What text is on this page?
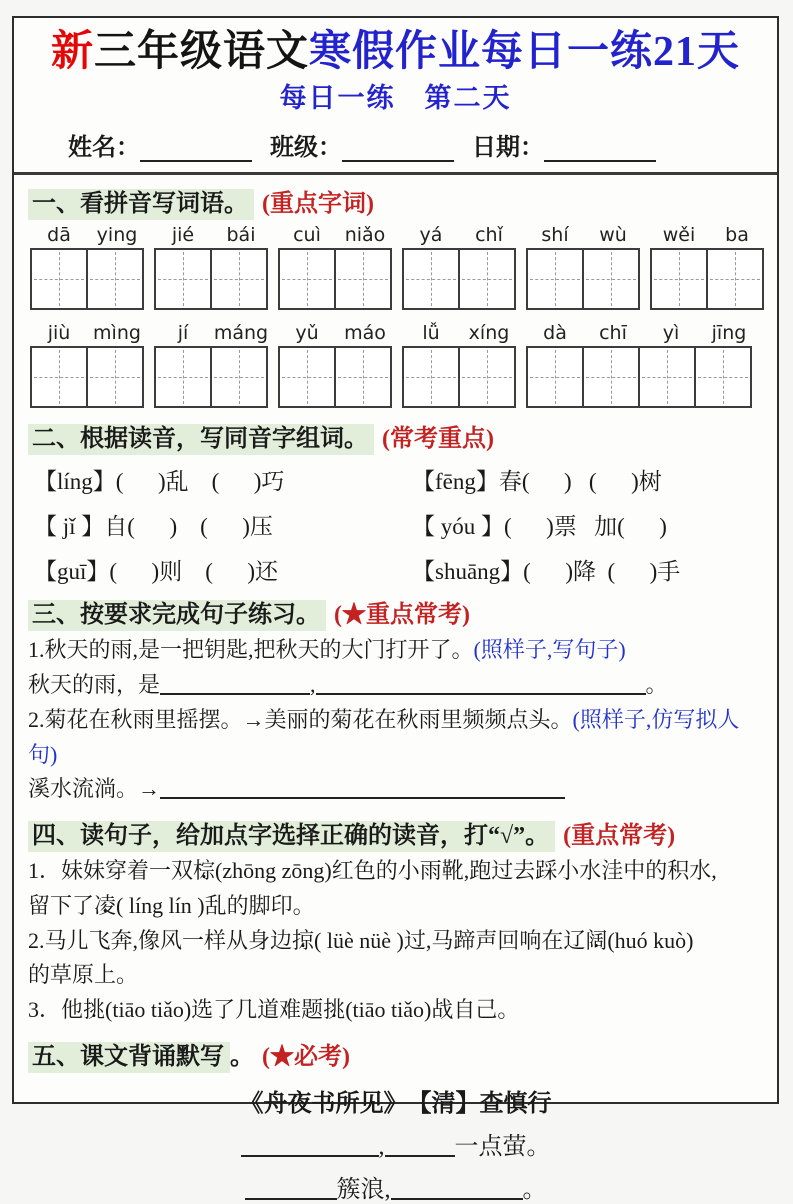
新三年级语文寒假作业每日一练21天
每日一练　第二天
姓名：	班级：	日期：
一、看拼音写词语。 (重点字词)
dā	ying	jié	bái	cuì	niǎo	yá	chǐ	shí	wù	wěi	ba
jiù	mìng	jí	máng	yǔ	máo	lǚ	xíng	dà	chī	yì	jīng
二、根据读音，写同音字组词。 (常考重点)
【líng】(      )乱    (      )巧	【fēng】春(      )   (      )树
【 jǐ 】自(      )    (      )压	【 yóu 】(      )票   加(      )
【guī】(      )则    (      )还	【shuāng】(      )降  (      )手
三、按要求完成句子练习。 (★重点常考)
1.秋天的雨,是一把钥匙,把秋天的大门打开了。(照样子,写句子)
秋天的雨，是	,	。
2.菊花在秋雨里摇摆。→美丽的菊花在秋雨里频频点头。(照样子,仿写拟人句)
溪水流淌。→
四、读句子，给加点字选择正确的读音，打“√”。 (重点常考)
1．妹妹穿着一双棕 •(zhōng zōng)红色的小雨靴,跑过去踩小水洼中的积水,
留下了凌 •( líng lín )乱的脚印。
2.马儿飞奔,像风一样从身边掠 •( lüè nüè )过,马蹄声回响在辽阔 •(huó kuò)
的草原上。
3．他挑 •(tiāo tiǎo)选了几道难题挑 •(tiāo tiǎo)战自己。
五、课文背诵默写 。 (★必考)
《舟夜书所见》　【清】查慎行
,	一点萤。
簇浪,	。
